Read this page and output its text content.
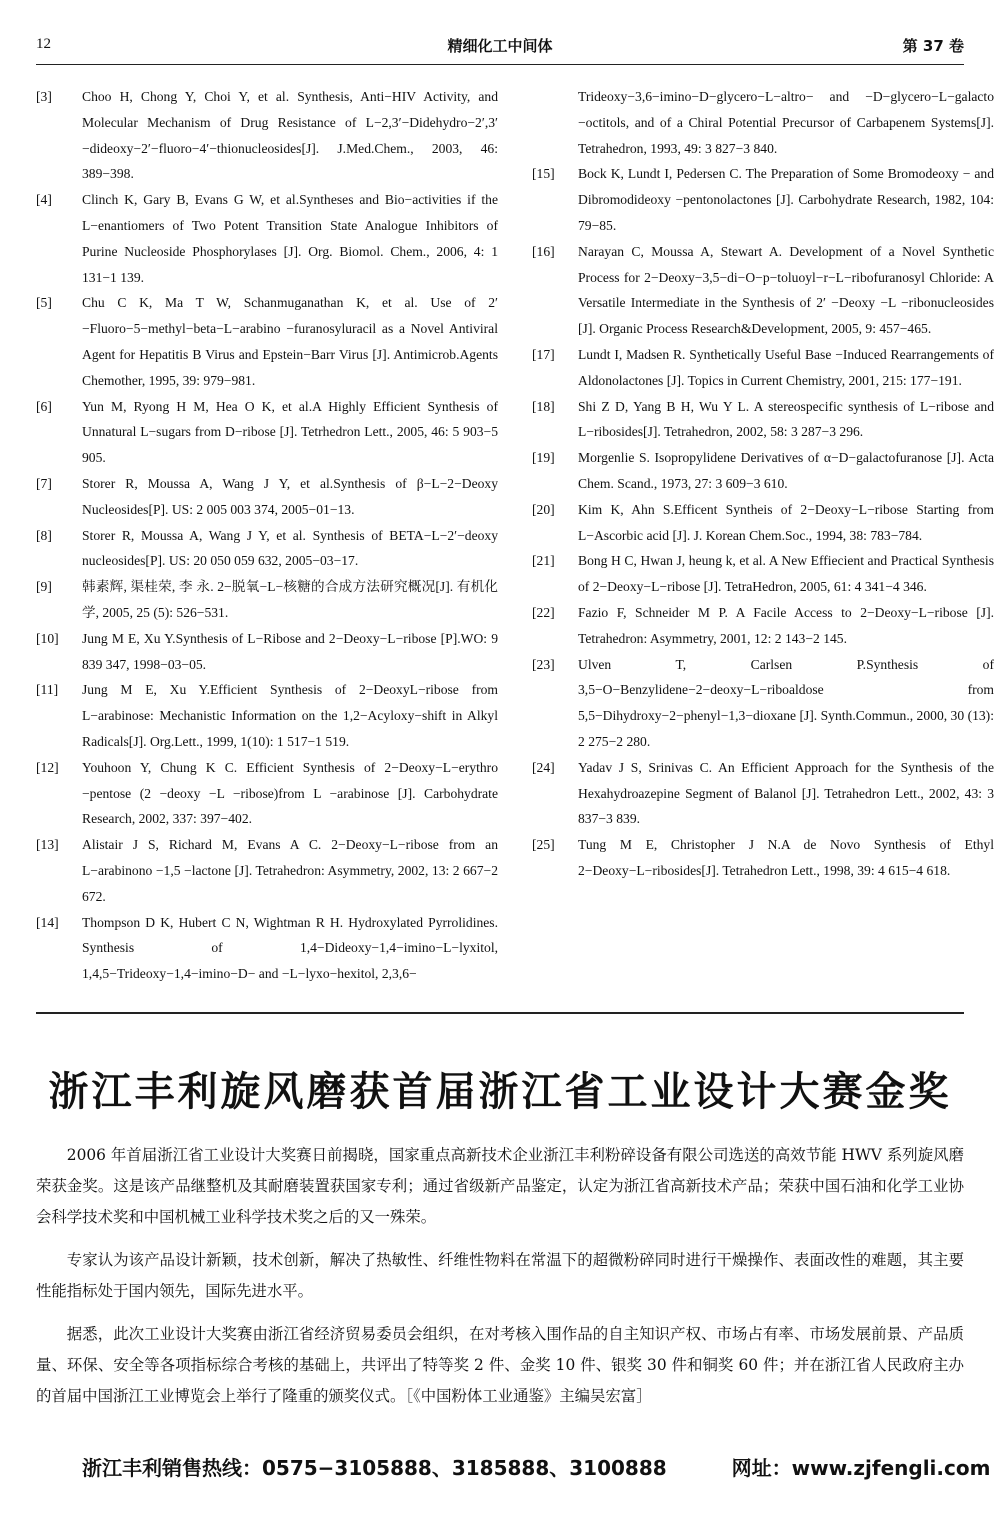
12	精细化工中间体	第 37 卷
[3] Choo H, Chong Y, Choi Y, et al. Synthesis, Anti−HIV Activity, and Molecular Mechanism of Drug Resistance of L−2,3′−Didehydro−2′,3′−dideoxy−2′−fluoro−4′−thionucleosides[J]. J.Med.Chem., 2003, 46: 389−398.
[4] Clinch K, Gary B, Evans G W, et al.Syntheses and Bio−activities if the L−enantiomers of Two Potent Transition State Analogue Inhibitors of Purine Nucleoside Phosphorylases [J]. Org. Biomol. Chem., 2006, 4: 1 131−1 139.
[5] Chu C K, Ma T W, Schanmuganathan K, et al. Use of 2′−Fluoro−5−methyl−beta−L−arabino −furanosyluracil as a Novel Antiviral Agent for Hepatitis B Virus and Epstein−Barr Virus [J]. Antimicrob.Agents Chemother, 1995, 39: 979−981.
[6] Yun M, Ryong H M, Hea O K, et al.A Highly Efficient Synthesis of Unnatural L−sugars from D−ribose [J]. Tetrhedron Lett., 2005, 46: 5 903−5 905.
[7] Storer R, Moussa A, Wang J Y, et al.Synthesis of β−L−2−Deoxy Nucleosides[P]. US: 2 005 003 374, 2005−01−13.
[8] Storer R, Moussa A, Wang J Y, et al. Synthesis of BETA−L−2′−deoxy nucleosides[P]. US: 20 050 059 632, 2005−03−17.
[9] 韩素辉, 渠桂荣, 李 永. 2−脱氧−L−核糖的合成方法研究概况[J]. 有机化学, 2005, 25 (5): 526−531.
[10] Jung M E, Xu Y.Synthesis of L−Ribose and 2−Deoxy−L−ribose [P].WO: 9 839 347, 1998−03−05.
[11] Jung M E, Xu Y.Efficient Synthesis of 2−DeoxyL−ribose from L−arabinose: Mechanistic Information on the 1,2−Acyloxy−shift in Alkyl Radicals[J]. Org.Lett., 1999, 1(10): 1 517−1 519.
[12] Youhoon Y, Chung K C. Efficient Synthesis of 2−Deoxy−L−erythro −pentose (2 −deoxy −L −ribose)from L −arabinose [J]. Carbohydrate Research, 2002, 337: 397−402.
[13] Alistair J S, Richard M, Evans A C. 2−Deoxy−L−ribose from an L−arabinono −1,5 −lactone [J]. Tetrahedron: Asymmetry, 2002, 13: 2 667−2 672.
[14] Thompson D K, Hubert C N, Wightman R H. Hydroxylated Pyrrolidines. Synthesis of 1,4−Dideoxy−1,4−imino−L−lyxitol, 1,4,5−Trideoxy−1,4−imino−D− and −L−lyxo−hexitol, 2,3,6−
Trideoxy−3,6−imino−D−glycero−L−altro− and −D−glycero−L−galacto −octitols, and of a Chiral Potential Precursor of Carbapenem Systems[J]. Tetrahedron, 1993, 49: 3 827−3 840.
[15] Bock K, Lundt I, Pedersen C. The Preparation of Some Bromodeoxy − and Dibromodideoxy −pentonolactones [J]. Carbohydrate Research, 1982, 104: 79−85.
[16] Narayan C, Moussa A, Stewart A. Development of a Novel Synthetic Process for 2−Deoxy−3,5−di−O−p−toluoyl−r−L−ribofuranosyl Chloride: A Versatile Intermediate in the Synthesis of 2′ −Deoxy −L −ribonucleosides [J]. Organic Process Research&Development, 2005, 9: 457−465.
[17] Lundt I, Madsen R. Synthetically Useful Base −Induced Rearrangements of Aldonolactones [J]. Topics in Current Chemistry, 2001, 215: 177−191.
[18] Shi Z D, Yang B H, Wu Y L. A stereospecific synthesis of L−ribose and L−ribosides[J]. Tetrahedron, 2002, 58: 3 287−3 296.
[19] Morgenlie S. Isopropylidene Derivatives of α−D−galactofuranose [J]. Acta Chem. Scand., 1973, 27: 3 609−3 610.
[20] Kim K, Ahn S.Efficent Syntheis of 2−Deoxy−L−ribose Starting from L−Ascorbic acid [J]. J. Korean Chem.Soc., 1994, 38: 783−784.
[21] Bong H C, Hwan J, heung k, et al. A New Effiecient and Practical Synthesis of 2−Deoxy−L−ribose [J]. TetraHedron, 2005, 61: 4 341−4 346.
[22] Fazio F, Schneider M P. A Facile Access to 2−Deoxy−L−ribose [J]. Tetrahedron: Asymmetry, 2001, 12: 2 143−2 145.
[23] Ulven T, Carlsen P.Synthesis of 3,5−O−Benzylidene−2−deoxy−L−riboaldose from 5,5−Dihydroxy−2−phenyl−1,3−dioxane [J]. Synth.Commun., 2000, 30 (13): 2 275−2 280.
[24] Yadav J S, Srinivas C. An Efficient Approach for the Synthesis of the Hexahydroazepine Segment of Balanol [J]. Tetrahedron Lett., 2002, 43: 3 837−3 839.
[25] Tung M E, Christopher J N.A de Novo Synthesis of Ethyl 2−Deoxy−L−ribosides[J]. Tetrahedron Lett., 1998, 39: 4 615−4 618.
浙江丰利旋风磨获首届浙江省工业设计大赛金奖

2006 年首届浙江省工业设计大奖赛日前揭晓，国家重点高新技术企业浙江丰利粉碎设备有限公司选送的高效节能 HWV 系列旋风磨荣获金奖。这是该产品继整机及其耐磨装置获国家专利；通过省级新产品鉴定，认定为浙江省高新技术产品；荣获中国石油和化学工业协会科学技术奖和中国机械工业科学技术奖之后的又一殊荣。

专家认为该产品设计新颖，技术创新，解决了热敏性、纤维性物料在常温下的超微粉碎同时进行干燥操作、表面改性的难题，其主要性能指标处于国内领先，国际先进水平。

据悉，此次工业设计大奖赛由浙江省经济贸易委员会组织，在对考核入围作品的自主知识产权、市场占有率、市场发展前景、产品质量、环保、安全等各项指标综合考核的基础上，共评出了特等奖 2 件、金奖 10 件、银奖 30 件和铜奖 60 件；并在浙江省人民政府主办的首届中国浙江工业博览会上举行了隆重的颁奖仪式。［《中国粉体工业通鉴》主编吴宏富］

浙江丰利销售热线：0575−3105888、3185888、3100888	网址：www.zjfengli.com
